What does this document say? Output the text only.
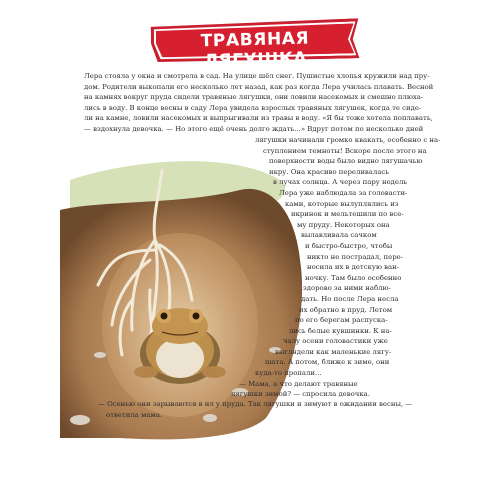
ТРАВЯНАЯ ЛЯГУШКА
Лера стояла у окна и смотрела в сад. На улице шёл снег. Пушистые хлопья кружили над пру-
дом. Родители выкопали его несколько лет назад, как раз когда Лера училась плавать. Весной
на камнях вокруг пруда сидели травяные лягушки, они ловили насекомых и смешно плюха-
лись в воду. В конце весны в саду Лера увидела взрослых травяных лягушек, когда те сиде-
ли на камне, ловили насекомых и выпрыгивали из травы в воду. «Я бы тоже хотела поплавать,
— вздохнула девочка. — Но этого ещё очень долго ждать...» Вдруг потом по несколько дней
лягушки начинали громко квакать, особенно с на-
ступлением темноты! Вскоре после этого на
поверхности воды было видно лягушачью
икру. Она красиво переливалась
в лучах солнца. А через пару недель
Лера уже наблюдала за головасти-
ками, которые вылуплялись из
икринок и мельтешили по все-
му пруду. Некоторых она
вылавливала сачком
и быстро-быстро, чтобы
никто не пострадал, пере-
носила их в детскую ван-
ночку. Там было особенно
здорово за ними наблю-
дать. Но после Лера несла
их обратно в пруд. Летом
по его берегам распуска-
лись белые кувшинки. К на-
чалу осени головастики уже
выглядели как маленькие лягу-
шата. А потом, ближе к зиме, они
куда-то пропали...
— Мама, а что делают травяные
лягушки зимой? — спросила девочка.
— Осенью они зарываются в ил у пруда. Так лягушки и зимуют в ожидании весны, —
ответила мама.
